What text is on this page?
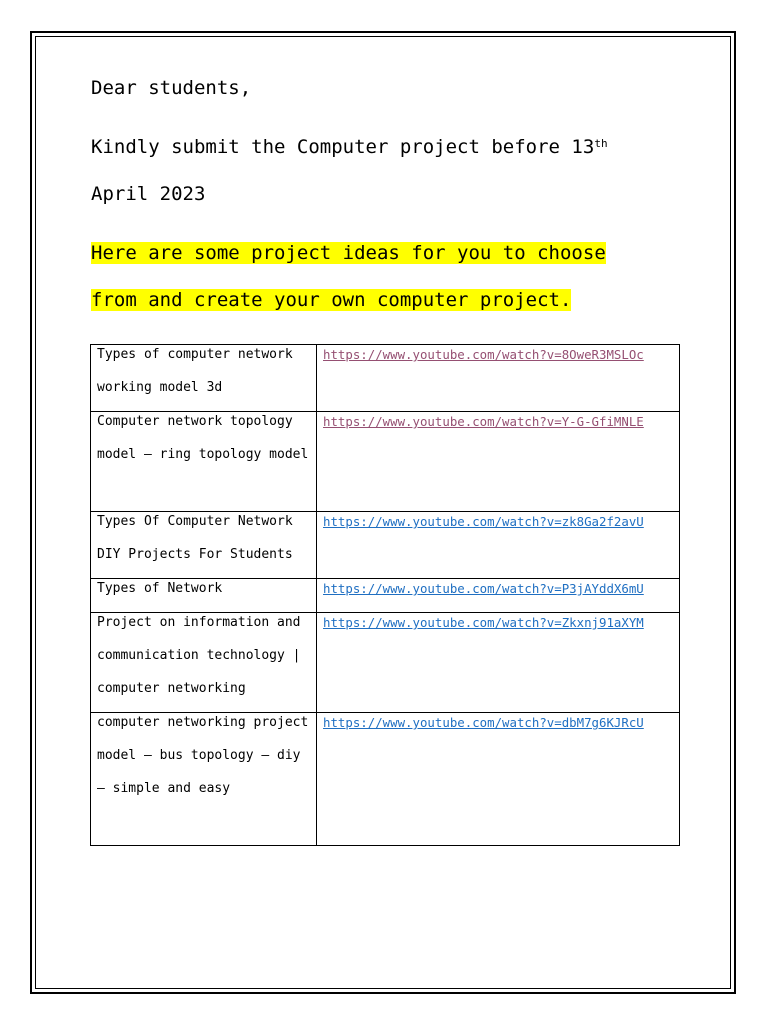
Dear students,
Kindly submit the Computer project before 13th
April 2023
Here are some project ideas for you to choose
from and create your own computer project.
Types of computer network working model 3d	https://www.youtube.com/watch?v=8OweR3MSLOc

Computer network topology model – ring topology model	https://www.youtube.com/watch?v=Y-G-GfiMNLE

Types Of Computer Network DIY Projects For Students	https://www.youtube.com/watch?v=zk8Ga2f2avU

Types of Network	https://www.youtube.com/watch?v=P3jAYddX6mU

Project on information and communication technology | computer networking	https://www.youtube.com/watch?v=Zkxnj91aXYM

computer networking project model – bus topology – diy – simple and easy	https://www.youtube.com/watch?v=dbM7g6KJRcU
